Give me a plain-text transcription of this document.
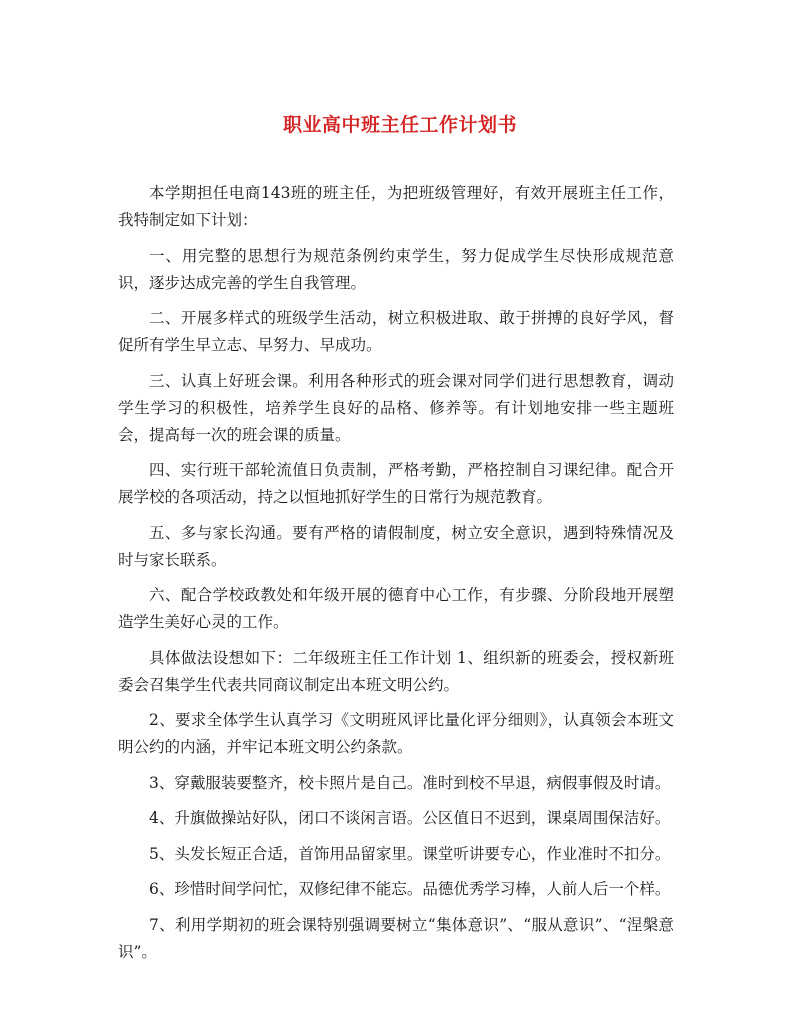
职业高中班主任工作计划书

本学期担任电商143班的班主任，为把班级管理好，有效开展班主任工作，我特制定如下计划：

一、用完整的思想行为规范条例约束学生，努力促成学生尽快形成规范意识，逐步达成完善的学生自我管理。

二、开展多样式的班级学生活动，树立积极进取、敢于拼搏的良好学风，督促所有学生早立志、早努力、早成功。

三、认真上好班会课。利用各种形式的班会课对同学们进行思想教育，调动学生学习的积极性，培养学生良好的品格、修养等。有计划地安排一些主题班会，提高每一次的班会课的质量。

四、实行班干部轮流值日负责制，严格考勤，严格控制自习课纪律。配合开展学校的各项活动，持之以恒地抓好学生的日常行为规范教育。

五、多与家长沟通。要有严格的请假制度，树立安全意识，遇到特殊情况及时与家长联系。

六、配合学校政教处和年级开展的德育中心工作，有步骤、分阶段地开展塑造学生美好心灵的工作。

具体做法设想如下：二年级班主任工作计划 1、组织新的班委会，授权新班委会召集学生代表共同商议制定出本班文明公约。

2、要求全体学生认真学习《文明班风评比量化评分细则》，认真领会本班文明公约的内涵，并牢记本班文明公约条款。

3、穿戴服装要整齐，校卡照片是自己。准时到校不早退，病假事假及时请。

4、升旗做操站好队，闭口不谈闲言语。公区值日不迟到，课桌周围保洁好。

5、头发长短正合适，首饰用品留家里。课堂听讲要专心，作业准时不扣分。

6、珍惜时间学问忙，双修纪律不能忘。品德优秀学习棒，人前人后一个样。

7、利用学期初的班会课特别强调要树立“集体意识”、“服从意识”、“涅槃意识”。
